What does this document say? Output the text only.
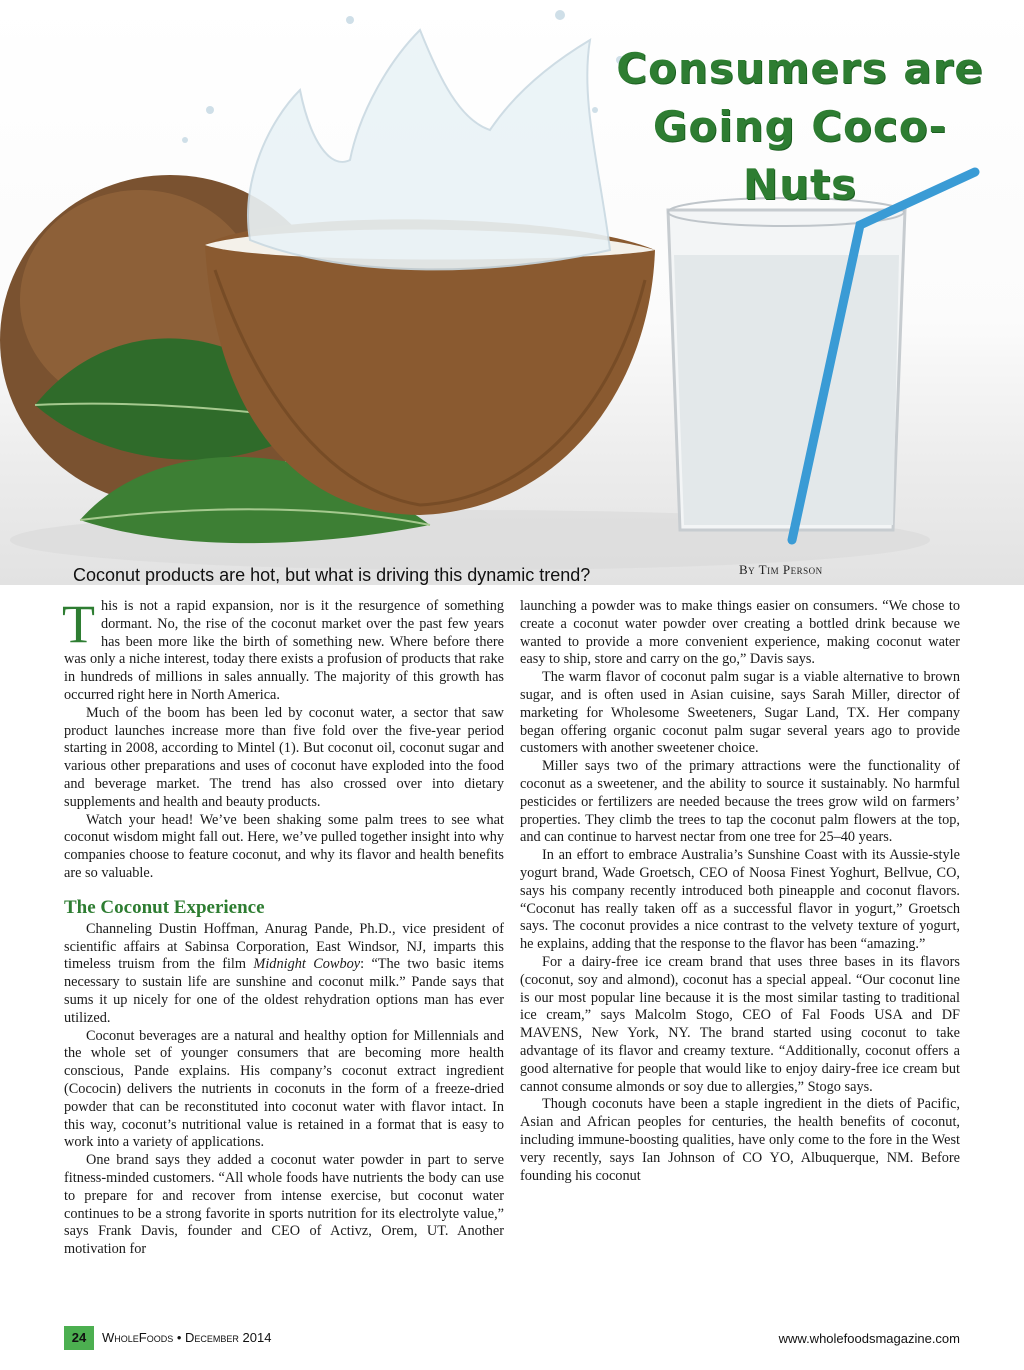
Consumers are
Going Coco-Nuts
By Tim Person
Coconut products are hot, but what is driving this dynamic trend?

This is not a rapid expansion, nor is it the resurgence of something dormant. No, the rise of the coconut market over the past few years has been more like the birth of something new. Where before there was only a niche interest, today there exists a profusion of products that rake in hundreds of millions in sales annually. The majority of this growth has occurred right here in North America.

Much of the boom has been led by coconut water, a sector that saw product launches increase more than five fold over the five-year period starting in 2008, according to Mintel (1). But coconut oil, coconut sugar and various other preparations and uses of coconut have exploded into the food and beverage market. The trend has also crossed over into dietary supplements and health and beauty products.

Watch your head! We’ve been shaking some palm trees to see what coconut wisdom might fall out. Here, we’ve pulled together insight into why companies choose to feature coconut, and why its flavor and health benefits are so valuable.

The Coconut Experience

Channeling Dustin Hoffman, Anurag Pande, Ph.D., vice president of scientific affairs at Sabinsa Corporation, East Windsor, NJ, imparts this timeless truism from the film Midnight Cowboy: “The two basic items necessary to sustain life are sunshine and coconut milk.” Pande says that sums it up nicely for one of the oldest rehydration options man has ever utilized.

Coconut beverages are a natural and healthy option for Millennials and the whole set of younger consumers that are becoming more health conscious, Pande explains. His company’s coconut extract ingredient (Cococin) delivers the nutrients in coconuts in the form of a freeze-dried powder that can be reconstituted into coconut water with flavor intact. In this way, coconut’s nutritional value is retained in a format that is easy to work into a variety of applications.

One brand says they added a coconut water powder in part to serve fitness-minded customers. “All whole foods have nutrients the body can use to prepare for and recover from intense exercise, but coconut water continues to be a strong favorite in sports nutrition for its electrolyte value,” says Frank Davis, founder and CEO of Activz, Orem, UT. Another motivation for

launching a powder was to make things easier on consumers. “We chose to create a coconut water powder over creating a bottled drink because we wanted to provide a more convenient experience, making coconut water easy to ship, store and carry on the go,” Davis says.

The warm flavor of coconut palm sugar is a viable alternative to brown sugar, and is often used in Asian cuisine, says Sarah Miller, director of marketing for Wholesome Sweeteners, Sugar Land, TX. Her company began offering organic coconut palm sugar several years ago to provide customers with another sweetener choice.

Miller says two of the primary attractions were the functionality of coconut as a sweetener, and the ability to source it sustainably. No harmful pesticides or fertilizers are needed because the trees grow wild on farmers’ properties. They climb the trees to tap the coconut palm flowers at the top, and can continue to harvest nectar from one tree for 25–40 years.

In an effort to embrace Australia’s Sunshine Coast with its Aussie-style yogurt brand, Wade Groetsch, CEO of Noosa Finest Yoghurt, Bellvue, CO, says his company recently introduced both pineapple and coconut flavors. “Coconut has really taken off as a successful flavor in yogurt,” Groetsch says. The coconut provides a nice contrast to the velvety texture of yogurt, he explains, adding that the response to the flavor has been “amazing.”

For a dairy-free ice cream brand that uses three bases in its flavors (coconut, soy and almond), coconut has a special appeal. “Our coconut line is our most popular line because it is the most similar tasting to traditional ice cream,” says Malcolm Stogo, CEO of Fal Foods USA and DF MAVENS, New York, NY. The brand started using coconut to take advantage of its flavor and creamy texture. “Additionally, coconut offers a good alternative for people that would like to enjoy dairy-free ice cream but cannot consume almonds or soy due to allergies,” Stogo says.

Though coconuts have been a staple ingredient in the diets of Pacific, Asian and African peoples for centuries, the health benefits of coconut, including immune-boosting qualities, have only come to the fore in the West very recently, says Ian Johnson of CO YO, Albuquerque, NM. Before founding his coconut

24	WholeFoods • December 2014	www.wholefoodsmagazine.com
